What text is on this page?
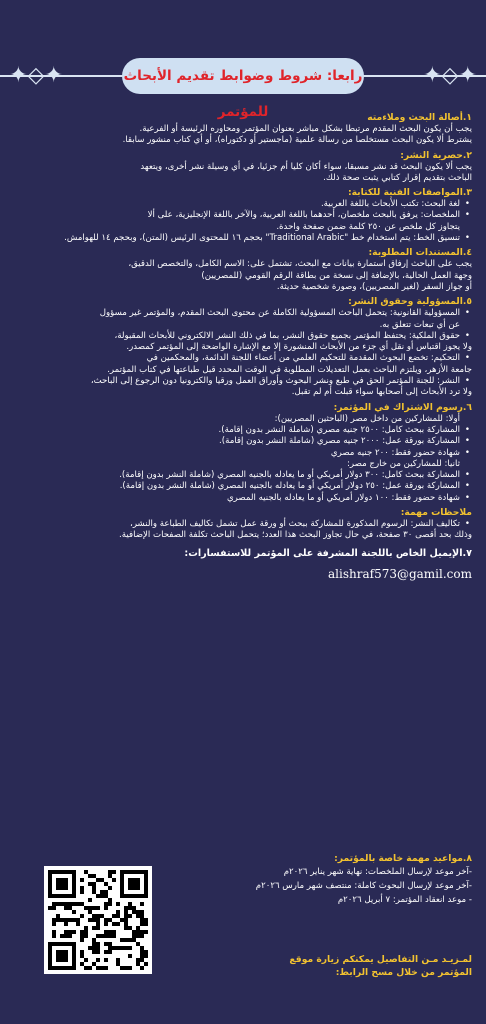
✦◇✦	✦◇✦
رابعا: شروط وضوابط تقديم الأبحاث للمؤتمر	١.أصالة البحث وملاءمته

يجب أن يكون البحث المقدم مرتبطا بشكل مباشر بعنوان المؤتمر ومحاوره الرئيسة أو الفرعية.

يشترط ألا يكون البحث مستخلصا من رسالة علمية (ماجستير أو دكتوراه)، أو أي كتاب منشور سابقا.

٢.حصرية النشر:

يجب ألا يكون البحث قد نشر مسبقا، سواء أكان كليا أم جزئيا، في أي وسيلة نشر أخرى، ويتعهد

الباحث بتقديم إقرار كتابي يثبت صحة ذلك.

٣.المواصفات الفنية للكتابة:

• لغة البحث: تكتب الأبحاث باللغة العربية.

• الملخصات: يرفق بالبحث ملخصان، أحدهما باللغة العربية، والآخر باللغة الإنجليزية، على ألا

يتجاوز كل ملخص عن ٢٥٠ كلمة ضمن صفحة واحدة.

• تنسيق الخط: يتم استخدام خط "Traditional Arabic" بحجم ١٦ للمحتوى الرئيس (المتن)، وبحجم ١٤ للهوامش.

٤.المستندات المطلوبة:

يجب على الباحث إرفاق استمارة بيانات مع البحث، تشتمل على: الاسم الكامل، والتخصص الدقيق،

وجهة العمل الحالية، بالإضافة إلى نسخة من بطاقة الرقم القومي (للمصريين)

أو جواز السفر (لغير المصريين)، وصورة شخصية حديثة.

٥.المسؤولية وحقوق النشر:

• المسؤولية القانونية: يتحمل الباحث المسؤولية الكاملة عن محتوى البحث المقدم، والمؤتمر غير مسؤول

عن أي تبعات تتعلق به.

• حقوق الملكية: يحتفظ المؤتمر بجميع حقوق النشر، بما في ذلك النشر الالكتروني للأبحاث المقبولة،

ولا يجوز اقتباس أو نقل أي جزء من الأبحاث المنشورة إلا مع الإشارة الواضحة إلى المؤتمر كمصدر.

• التحكيم: تخضع البحوث المقدمة للتحكيم العلمي من أعضاء اللجنة الدائمة، والمحكمين في

جامعة الأزهر، ويلتزم الباحث بعمل التعديلات المطلوبة في الوقت المحدد قبل طباعتها في كتاب المؤتمر.

• النشر: للجنة المؤتمر الحق في طبع ونشر البحوث وأوراق العمل ورقيا والكترونيا دون الرجوع إلى الباحث،

ولا ترد الأبحاث إلى أصحابها سواء قبلت أم لم تقبل.

٦.رسوم الاشتراك في المؤتمر:

أولا: للمشاركين من داخل مصر (الباحثين المصريين):

• المشاركة ببحث كامل: ٢٥٠٠ جنيه مصري (شاملة النشر بدون إقامة).

• المشاركة بورقة عمل: ٢٠٠٠ جنيه مصري (شاملة النشر بدون إقامة).

• شهادة حضور فقط: ٢٠٠ جنيه مصري

ثانيا: للمشاركين من خارج مصر:

• المشاركة ببحث كامل: ٣٠٠ دولار أمريكي أو ما يعادله بالجنيه المصري (شاملة النشر بدون إقامة).

• المشاركة بورقة عمل: ٢٥٠ دولار أمريكي أو ما يعادله بالجنيه المصري (شاملة النشر بدون إقامة).

• شهادة حضور فقط: ١٠٠ دولار أمريكي أو ما يعادله بالجنيه المصري

ملاحظات مهمة:

• تكاليف النشر: الرسوم المذكورة للمشاركة ببحث أو ورقة عمل تشمل تكاليف الطباعة والنشر،

وذلك بحد أقصى ٣٠ صفحة، في حال تجاوز البحث هذا العدد؛ يتحمل الباحث تكلفة الصفحات الإضافية.

٧.الإيميل الخاص باللجنة المشرفة على المؤتمر للاستفسارات:
alishraf573@gamil.com
٨.مواعيد مهمة خاصة بالمؤتمر:
-آخر موعد لإرسال الملخصات: نهاية شهر يناير ٢٠٢٦م
-آخر موعد لإرسال البحوث كاملة: منتصف شهر مارس ٢٠٢٦م
- موعد انعقاد المؤتمر: ٧ أبريل ٢٠٢٦م
لمـزيـد مـن التفاصيل يمكنكم زيارة موقع
المؤتمر من خلال مسح الرابط:
